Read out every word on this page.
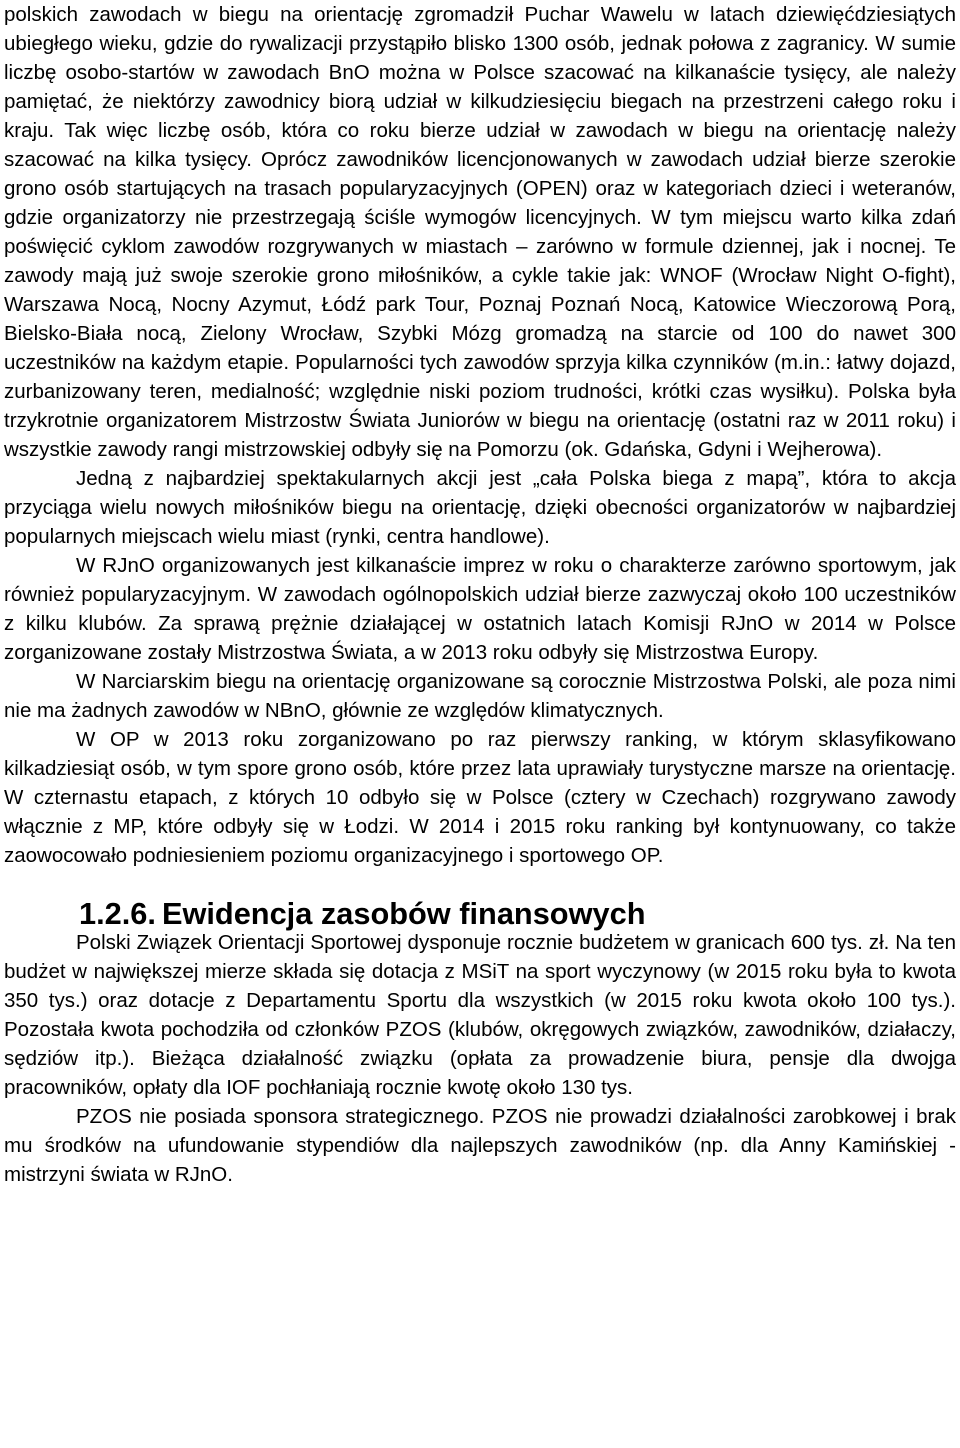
polskich zawodach w biegu na orientację zgromadził Puchar Wawelu w latach dziewięćdziesiątych ubiegłego wieku, gdzie do rywalizacji przystąpiło blisko 1300 osób, jednak połowa z zagranicy. W sumie liczbę osobo-startów w zawodach BnO można w Polsce szacować na kilkanaście tysięcy, ale należy pamiętać, że niektórzy zawodnicy biorą udział w kilkudziesięciu biegach na przestrzeni całego roku i kraju. Tak więc liczbę osób, która co roku bierze udział w zawodach w biegu na orientację należy szacować na kilka tysięcy. Oprócz zawodników licencjonowanych w zawodach udział bierze szerokie grono osób startujących na trasach popularyzacyjnych (OPEN) oraz w kategoriach dzieci i weteranów, gdzie organizatorzy nie przestrzegają ściśle wymogów licencyjnych. W tym miejscu warto kilka zdań poświęcić cyklom zawodów rozgrywanych w miastach – zarówno w formule dziennej, jak i nocnej. Te zawody mają już swoje szerokie grono miłośników, a cykle takie jak: WNOF (Wrocław Night O-fight), Warszawa Nocą, Nocny Azymut, Łódź park Tour, Poznaj Poznań Nocą, Katowice Wieczorową Porą, Bielsko-Biała nocą, Zielony Wrocław, Szybki Mózg gromadzą na starcie od 100 do nawet 300 uczestników na każdym etapie. Popularności tych zawodów sprzyja kilka czynników (m.in.: łatwy dojazd, zurbanizowany teren, medialność; względnie niski poziom trudności, krótki czas wysiłku). Polska była trzykrotnie organizatorem Mistrzostw Świata Juniorów w biegu na orientację (ostatni raz w 2011 roku) i wszystkie zawody rangi mistrzowskiej odbyły się na Pomorzu (ok. Gdańska, Gdyni i Wejherowa).

Jedną z najbardziej spektakularnych akcji jest „cała Polska biega z mapą”, która to akcja przyciąga wielu nowych miłośników biegu na orientację, dzięki obecności organizatorów w najbardziej popularnych miejscach wielu miast (rynki, centra handlowe).

W RJnO organizowanych jest kilkanaście imprez w roku o charakterze zarówno sportowym, jak również popularyzacyjnym. W zawodach ogólnopolskich udział bierze zazwyczaj około 100 uczestników z kilku klubów. Za sprawą prężnie działającej w ostatnich latach Komisji RJnO w 2014 w Polsce zorganizowane zostały Mistrzostwa Świata, a w 2013 roku odbyły się Mistrzostwa Europy.

W Narciarskim biegu na orientację organizowane są corocznie Mistrzostwa Polski, ale poza nimi nie ma żadnych zawodów w NBnO, głównie ze względów klimatycznych.

W OP w 2013 roku zorganizowano po raz pierwszy ranking, w którym sklasyfikowano kilkadziesiąt osób, w tym spore grono osób, które przez lata uprawiały turystyczne marsze na orientację. W czternastu etapach, z których 10 odbyło się w Polsce (cztery w Czechach) rozgrywano zawody włącznie z MP, które odbyły się w Łodzi. W 2014 i 2015 roku ranking był kontynuowany, co także zaowocowało podniesieniem poziomu organizacyjnego i sportowego OP.

1.2.6. Ewidencja zasobów finansowych

Polski Związek Orientacji Sportowej dysponuje rocznie budżetem w granicach 600 tys. zł. Na ten budżet w największej mierze składa się dotacja z MSiT na sport wyczynowy (w 2015 roku była to kwota 350 tys.) oraz dotacje z Departamentu Sportu dla wszystkich (w 2015 roku kwota około 100 tys.). Pozostała kwota pochodziła od członków PZOS (klubów, okręgowych związków, zawodników, działaczy, sędziów itp.). Bieżąca działalność związku (opłata za prowadzenie biura, pensje dla dwojga pracowników, opłaty dla IOF pochłaniają rocznie kwotę około 130 tys.

PZOS nie posiada sponsora strategicznego. PZOS nie prowadzi działalności zarobkowej i brak mu środków na ufundowanie stypendiów dla najlepszych zawodników (np. dla Anny Kamińskiej - mistrzyni świata w RJnO.
